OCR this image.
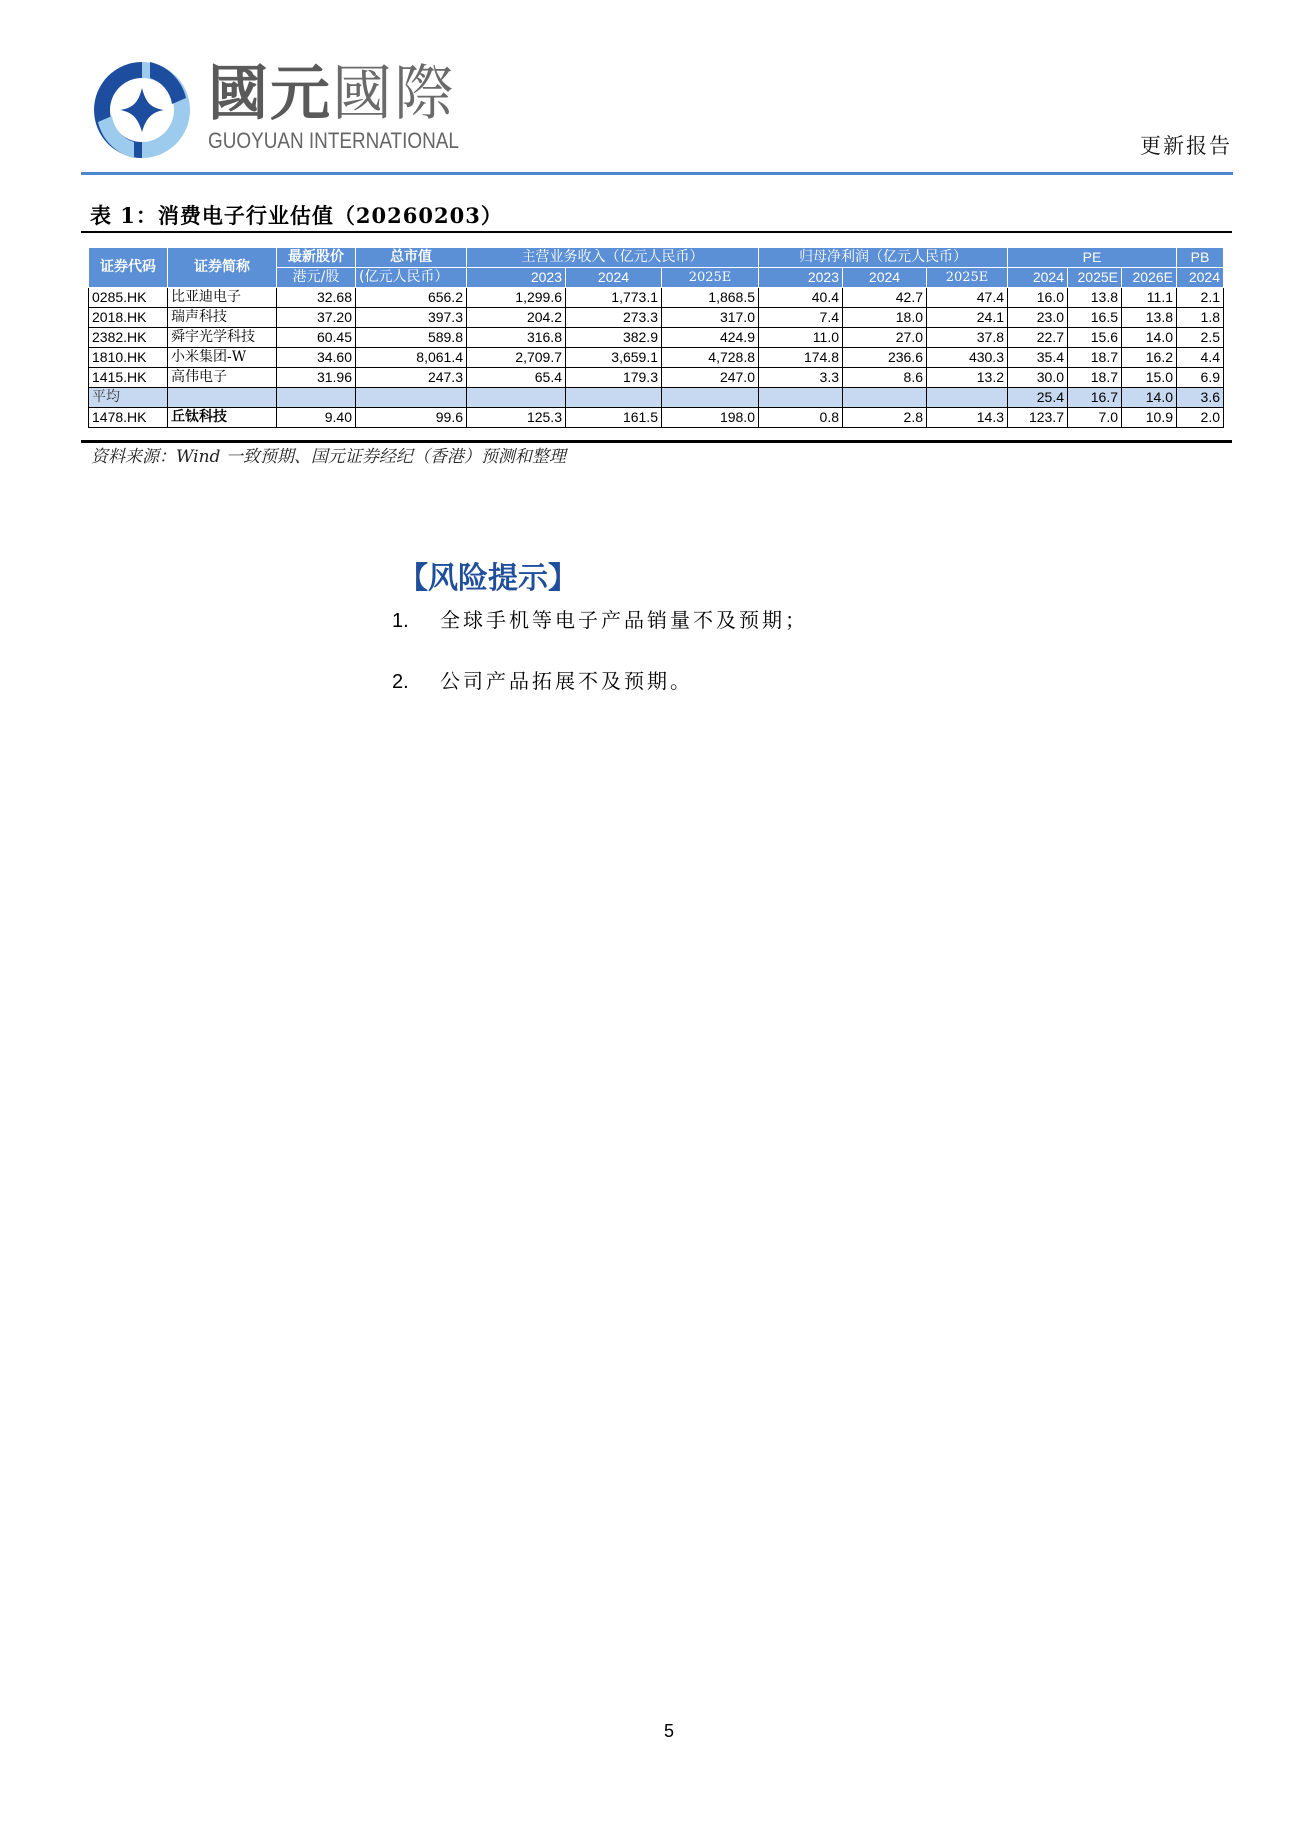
國元國際
GUOYUAN INTERNATIONAL	更新报告
表 1：消费电子行业估值（20260203）
证券代码	证券简称	最新股价	总市值	主营业务收入（亿元人民币）			归母净利润（亿元人民币）			PE			PB
		港元/股	(亿元人民币）	2023	2024	2025E	2023	2024	2025E	2024	2025E	2026E	2024
0285.HK	比亚迪电子	32.68	656.2	1,299.6	1,773.1	1,868.5	40.4	42.7	47.4	16.0	13.8	11.1	2.1
2018.HK	瑞声科技	37.20	397.3	204.2	273.3	317.0	7.4	18.0	24.1	23.0	16.5	13.8	1.8
2382.HK	舜宇光学科技	60.45	589.8	316.8	382.9	424.9	11.0	27.0	37.8	22.7	15.6	14.0	2.5
1810.HK	小米集团-W	34.60	8,061.4	2,709.7	3,659.1	4,728.8	174.8	236.6	430.3	35.4	18.7	16.2	4.4
1415.HK	高伟电子	31.96	247.3	65.4	179.3	247.0	3.3	8.6	13.2	30.0	18.7	15.0	6.9
平均										25.4	16.7	14.0	3.6
1478.HK	丘钛科技	9.40	99.6	125.3	161.5	198.0	0.8	2.8	14.3	123.7	7.0	10.9	2.0
资料来源：Wind 一致预期、国元证券经纪（香港）预测和整理
【风险提示】
1. 全球手机等电子产品销量不及预期；
2. 公司产品拓展不及预期。
5
